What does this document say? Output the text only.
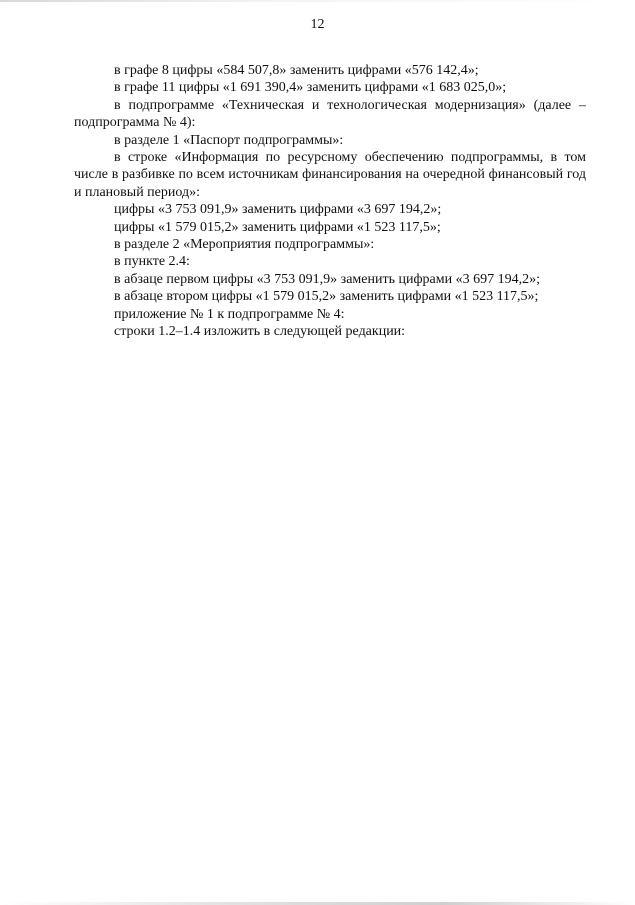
12

в графе 8 цифры «584 507,8» заменить цифрами «576 142,4»;

в графе 11 цифры «1 691 390,4» заменить цифрами «1 683 025,0»;

в подпрограмме «Техническая и технологическая модернизация» (далее – подпрограмма № 4):

в разделе 1 «Паспорт подпрограммы»:

в строке «Информация по ресурсному обеспечению подпрограммы, в том числе в разбивке по всем источникам финансирования на очередной финансовый год и плановый период»:

цифры «3 753 091,9» заменить цифрами «3 697 194,2»;

цифры «1 579 015,2» заменить цифрами «1 523 117,5»;

в разделе 2 «Мероприятия подпрограммы»:

в пункте 2.4:

в абзаце первом цифры «3 753 091,9» заменить цифрами «3 697 194,2»;

в абзаце втором цифры «1 579 015,2» заменить цифрами «1 523 117,5»;

приложение № 1 к подпрограмме № 4:

строки 1.2–1.4 изложить в следующей редакции:
